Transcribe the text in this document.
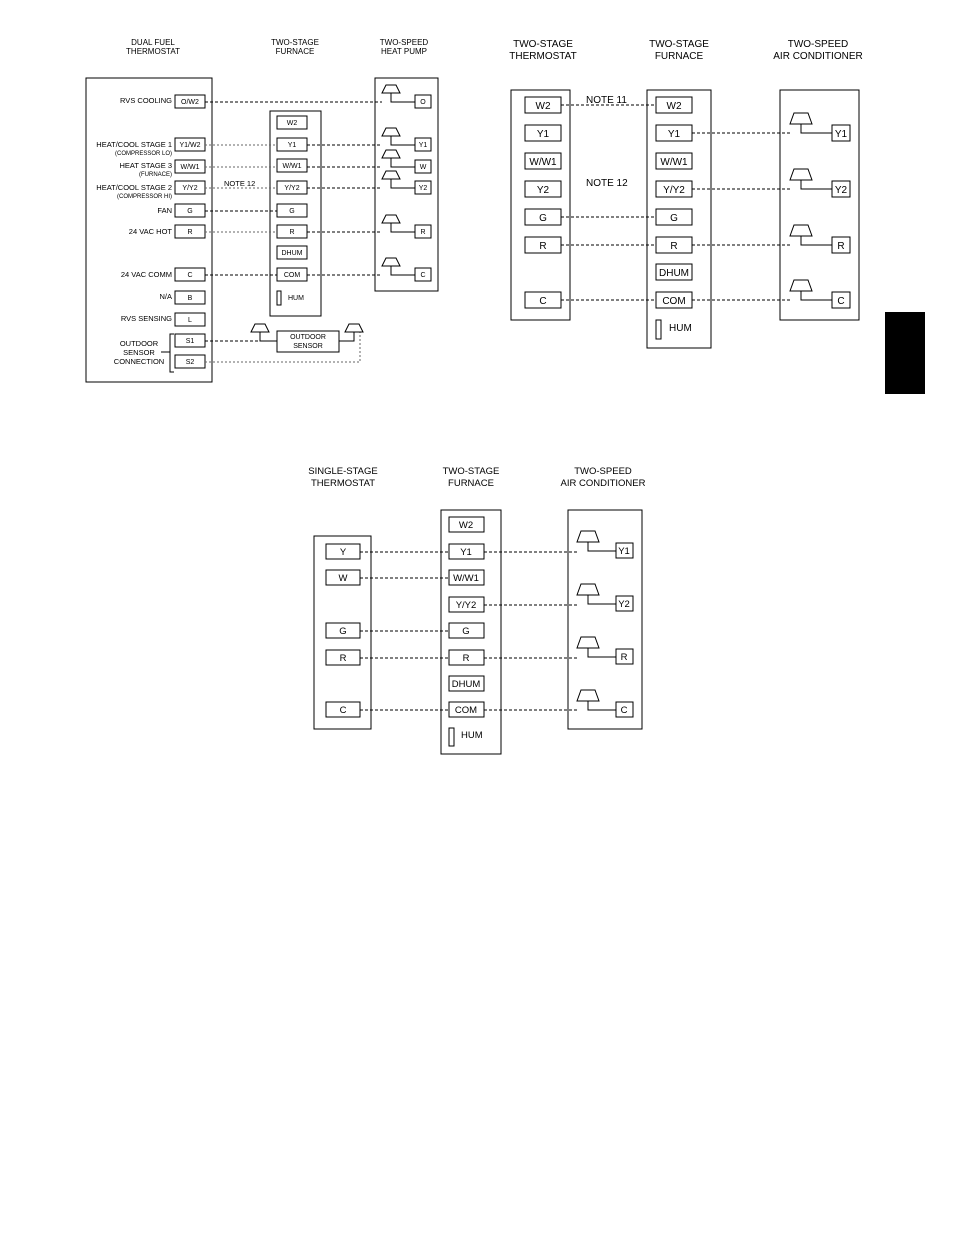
DUAL FUEL
THERMOSTAT
TWO-STAGE
FURNACE
TWO-SPEED
HEAT PUMP
RVS COOLING
HEAT/COOL STAGE 1
(COMPRESSOR LO)
HEAT STAGE 3
(FURNACE)
HEAT/COOL STAGE 2
(COMPRESSOR HI)
FAN
24 VAC HOT
24 VAC COMM
N/A
RVS SENSING
OUTDOOR
SENSOR
CONNECTION
O/W2
Y1/W2
W/W1
Y/Y2
G
R
C
B
L
S1
S2
W2
Y1
W/W1
Y/Y2
G
R
DHUM
COM
HUM
O
Y1
W
Y2
R
C
NOTE 12
OUTDOOR
SENSOR
TWO-STAGE
THERMOSTAT
TWO-STAGE
FURNACE
TWO-SPEED
AIR CONDITIONER
W2
Y1
W/W1
Y2
G
R
C
W2
Y1
W/W1
Y/Y2
G
R
DHUM
COM
HUM
Y1
Y2
R
C
NOTE 11
NOTE 12
SINGLE-STAGE
THERMOSTAT
TWO-STAGE
FURNACE
TWO-SPEED
AIR CONDITIONER
Y
W
G
R
C
W2
Y1
W/W1
Y/Y2
G
R
DHUM
COM
HUM
Y1
Y2
R
C
